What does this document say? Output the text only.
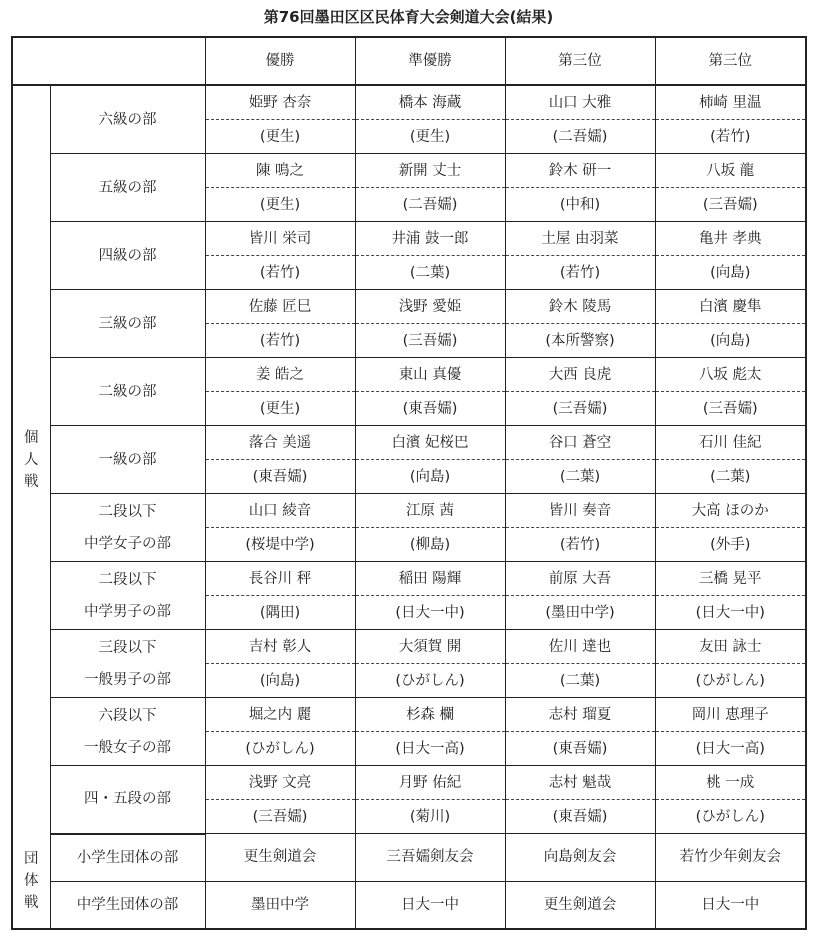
第76回墨田区区民体育大会剣道大会(結果)
		優勝	準優勝	第三位	第三位

個
人
戦	六級の部	姫野 杏奈	橋本 海蔵	山口 大雅	柿崎 里温
		(更生)	(更生)	(二吾嬬)	(若竹)

	五級の部	陳 鳴之	新開 丈士	鈴木 研一	八坂 龍
		(更生)	(二吾嬬)	(中和)	(三吾嬬)

	四級の部	皆川 栄司	井浦 鼓一郎	土屋 由羽菜	亀井 孝典
		(若竹)	(二葉)	(若竹)	(向島)

	三級の部	佐藤 匠巳	浅野 愛姫	鈴木 陵馬	白濱 慶隼
		(若竹)	(三吾嬬)	(本所警察)	(向島)

	二級の部	姜 皓之	東山 真優	大西 良虎	八坂 彪太
		(更生)	(東吾嬬)	(三吾嬬)	(三吾嬬)

	一級の部	落合 美遥	白濱 妃桜巴	谷口 蒼空	石川 佳紀
		(東吾嬬)	(向島)	(二葉)	(二葉)

	二段以下
中学女子の部	山口 綾音	江原 茜	皆川 奏音	大高 ほのか
		(桜堤中学)	(柳島)	(若竹)	(外手)

	二段以下
中学男子の部	長谷川 秤	稲田 陽輝	前原 大吾	三橋 晃平
		(隅田)	(日大一中)	(墨田中学)	(日大一中)

	三段以下
一般男子の部	吉村 彰人	大須賀 開	佐川 達也	友田 詠士
		(向島)	(ひがしん)	(二葉)	(ひがしん)

	六段以下
一般女子の部	堀之内 麗	杉森 欄	志村 瑠夏	岡川 恵理子
		(ひがしん)	(日大一高)	(東吾嬬)	(日大一高)

	四・五段の部	浅野 文亮	月野 佑紀	志村 魁哉	桃 一成
		(三吾嬬)	(菊川)	(東吾嬬)	(ひがしん)

団
体
戦	小学生団体の部	更生剣道会	三吾嬬剣友会	向島剣友会	若竹少年剣友会

	中学生団体の部	墨田中学	日大一中	更生剣道会	日大一中
